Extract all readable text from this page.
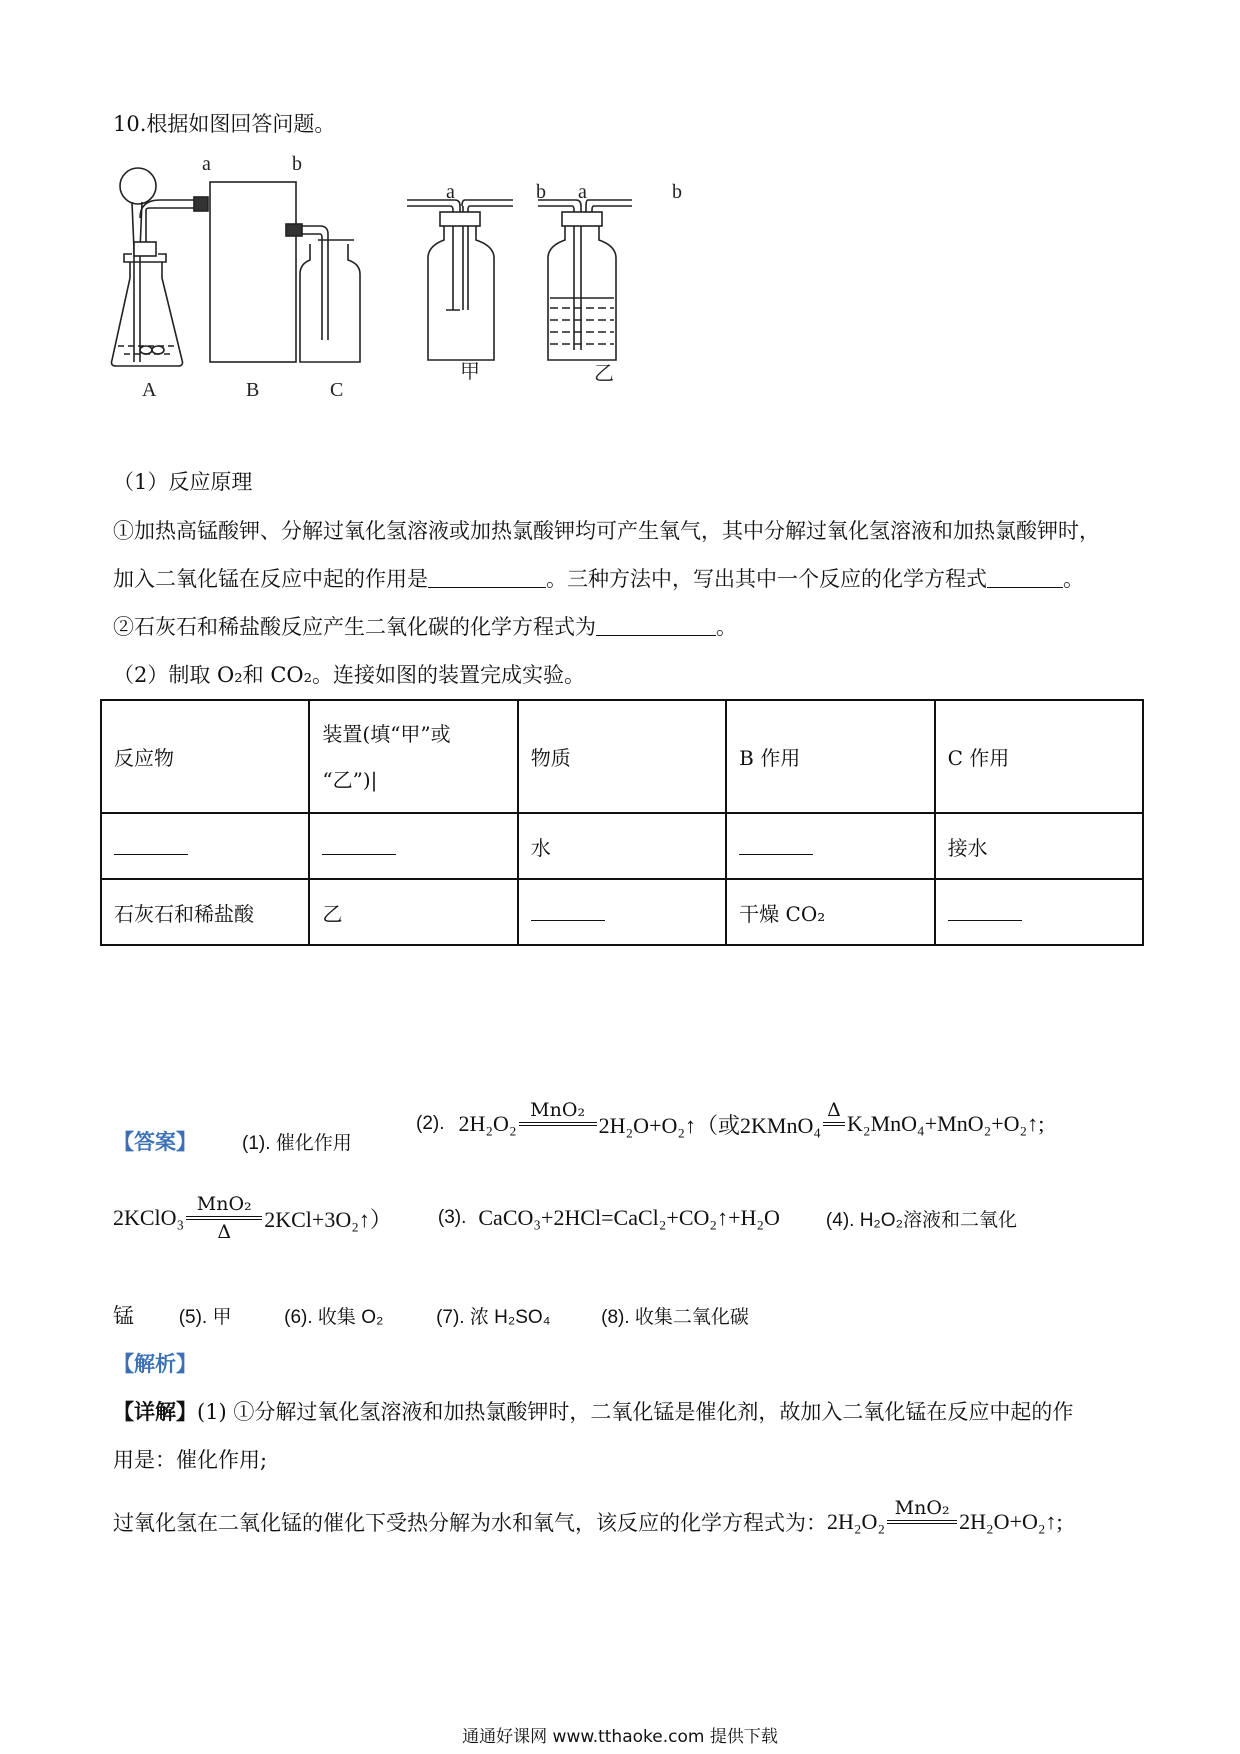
10.根据如图回答问题。
a	b
A	B	C
a	b
甲
a	b
乙
（1）反应原理
①加热高锰酸钾、分解过氧化氢溶液或加热氯酸钾均可产生氧气，其中分解过氧化氢溶液和加热氯酸钾时，
加入二氧化锰在反应中起的作用是	。三种方法中，写出其中一个反应的化学方程式	。
②石灰石和稀盐酸反应产生二氧化碳的化学方程式为	。
（2）制取 O₂和 CO₂。连接如图的装置完成实验。
反应物	装置(填“甲”或
“乙”)|	物质	B 作用	C 作用
		水		接水
石灰石和稀盐酸	乙		干燥 CO₂	
【答案】 (1). 催化作用
(2). 2H₂O₂
MnO₂
2H₂O+O₂↑（或2KMnO₄
Δ
K₂MnO₄+MnO₂+O₂↑;
2KClO₃
MnO₂
Δ
2KCl+3O₂↑） (3). CaCO₃+2HCl=CaCl₂+CO₂↑+H₂O (4). H₂O₂溶液和二氧化
锰 (5). 甲	(6). 收集 O₂	(7). 浓 H₂SO₄	(8). 收集二氧化碳
【解析】
【详解】(1) ①分解过氧化氢溶液和加热氯酸钾时，二氧化锰是催化剂，故加入二氧化锰在反应中起的作
用是：催化作用;
过氧化氢在二氧化锰的催化下受热分解为水和氧气，该反应的化学方程式为： 2H₂O₂
MnO₂
2H₂O+O₂↑;
通通好课网 www.tthaoke.com 提供下载
